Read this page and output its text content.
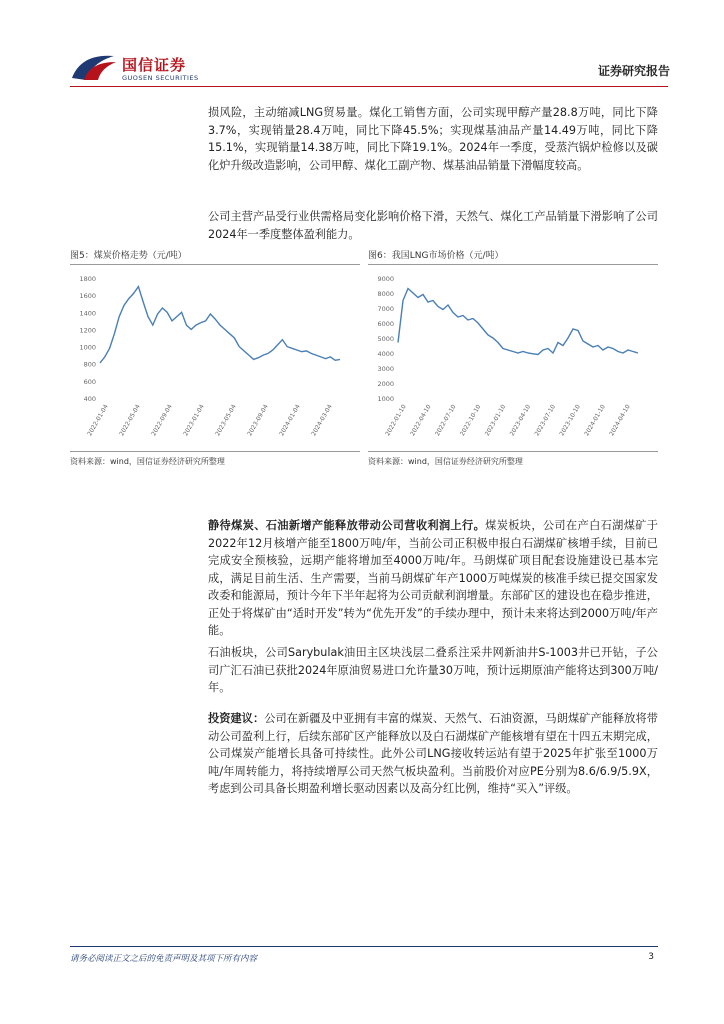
国信证券
GUOSEN SECURITIES	证券研究报告

损风险，主动缩减LNG贸易量。煤化工销售方面，公司实现甲醇产量28.8万吨，同比下降3.7%，实现销量28.4万吨，同比下降45.5%；实现煤基油品产量14.49万吨，同比下降15.1%，实现销量14.38万吨，同比下降19.1%。2024年一季度，受蒸汽锅炉检修以及碳化炉升级改造影响，公司甲醇、煤化工副产物、煤基油品销量下滑幅度较高。

公司主营产品受行业供需格局变化影响价格下滑，天然气、煤化工产品销量下滑影响了公司2024年一季度整体盈利能力。

图5：煤炭价格走势（元/吨）
1800
1600
1400
1200
1000
800
600
400
2022-01-04 2022-05-04 2022-09-04 2023-01-04 2023-05-04 2023-09-04 2024-01-04 2024-03-04
资料来源：wind，国信证券经济研究所整理
图6：我国LNG市场价格（元/吨）
9000
8000
7000
6000
5000
4000
3000
2000
1000
2022-01-10 2022-04-10 2022-07-10 2022-10-10 2023-01-10 2023-04-10 2023-07-10 2023-10-10 2024-01-10 2024-04-10
资料来源：wind，国信证券经济研究所整理

静待煤炭、石油新增产能释放带动公司营收利润上行。煤炭板块，公司在产白石湖煤矿于2022年12月核增产能至1800万吨/年，当前公司正积极申报白石湖煤矿核增手续，目前已完成安全预核验，远期产能将增加至4000万吨/年。马朗煤矿项目配套设施建设已基本完成，满足目前生活、生产需要，当前马朗煤矿年产1000万吨煤炭的核准手续已提交国家发改委和能源局，预计今年下半年起将为公司贡献利润增量。东部矿区的建设也在稳步推进，正处于将煤矿由“适时开发”转为“优先开发”的手续办理中，预计未来将达到2000万吨/年产能。

石油板块，公司Sarybulak油田主区块浅层二叠系注采井网新油井S-1003井已开钻，子公司广汇石油已获批2024年原油贸易进口允许量30万吨，预计远期原油产能将达到300万吨/年。

投资建议：公司在新疆及中亚拥有丰富的煤炭、天然气、石油资源，马朗煤矿产能释放将带动公司盈利上行，后续东部矿区产能释放以及白石湖煤矿产能核增有望在十四五末期完成，公司煤炭产能增长具备可持续性。此外公司LNG接收转运站有望于2025年扩张至1000万吨/年周转能力，将持续增厚公司天然气板块盈利。当前股价对应PE分别为8.6/6.9/5.9X，考虑到公司具备长期盈利增长驱动因素以及高分红比例，维持“买入”评级。

请务必阅读正文之后的免责声明及其项下所有内容	3
